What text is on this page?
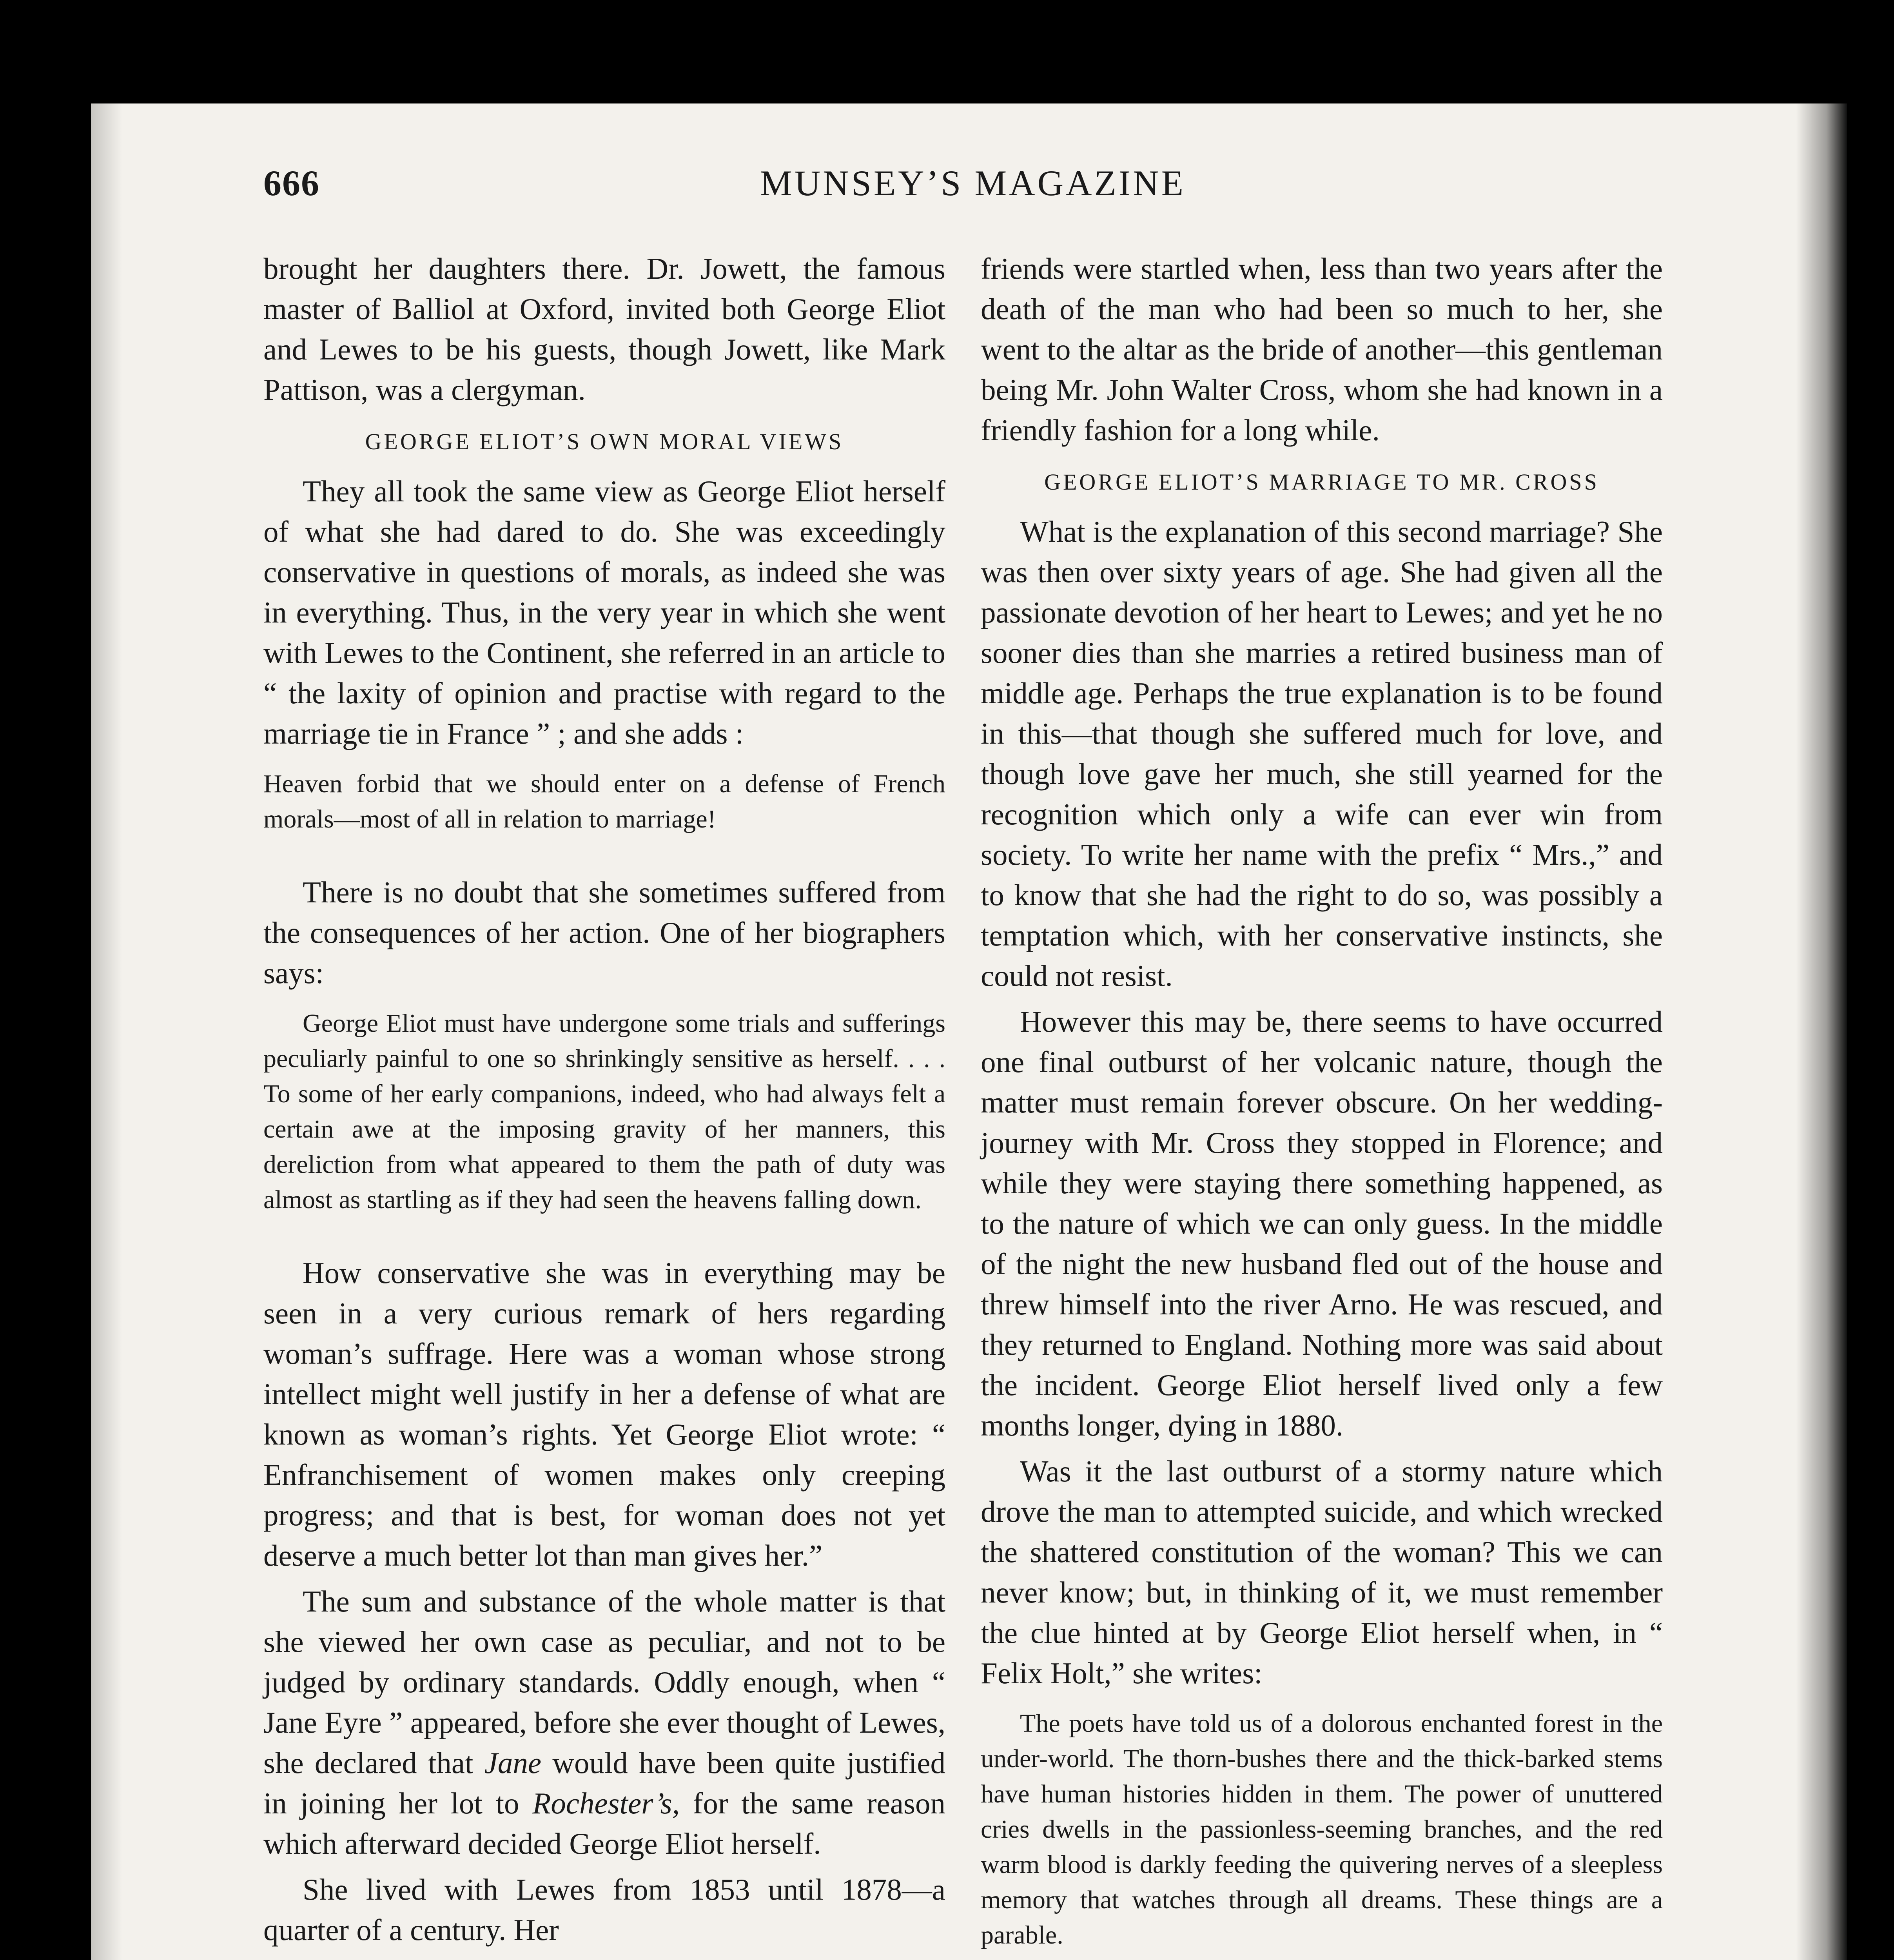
666	MUNSEY’S MAGAZINE

brought her daughters there. Dr. Jowett, the famous master of Balliol at Oxford, invited both George Eliot and Lewes to be his guests, though Jowett, like Mark Pattison, was a clergyman.

GEORGE ELIOT’S OWN MORAL VIEWS

They all took the same view as George Eliot herself of what she had dared to do. She was exceedingly conservative in questions of morals, as indeed she was in everything. Thus, in the very year in which she went with Lewes to the Continent, she referred in an article to “ the laxity of opinion and practise with regard to the marriage tie in France ” ; and she adds :

Heaven forbid that we should enter on a defense of French morals—most of all in relation to marriage!

There is no doubt that she sometimes suffered from the consequences of her action. One of her biographers says:

George Eliot must have undergone some trials and sufferings peculiarly painful to one so shrinkingly sensitive as herself. . . . To some of her early companions, indeed, who had always felt a certain awe at the imposing gravity of her manners, this dereliction from what appeared to them the path of duty was almost as startling as if they had seen the heavens falling down.

How conservative she was in everything may be seen in a very curious remark of hers regarding woman’s suffrage. Here was a woman whose strong intellect might well justify in her a defense of what are known as woman’s rights. Yet George Eliot wrote: “ Enfranchisement of women makes only creeping progress; and that is best, for woman does not yet deserve a much better lot than man gives her.”

The sum and substance of the whole matter is that she viewed her own case as peculiar, and not to be judged by ordinary standards. Oddly enough, when “ Jane Eyre ” appeared, before she ever thought of Lewes, she declared that Jane would have been quite justified in joining her lot to Rochester’s, for the same reason which afterward decided George Eliot herself.

She lived with Lewes from 1853 until 1878—a quarter of a century. Her

friends were startled when, less than two years after the death of the man who had been so much to her, she went to the altar as the bride of another—this gentleman being Mr. John Walter Cross, whom she had known in a friendly fashion for a long while.

GEORGE ELIOT’S MARRIAGE TO MR. CROSS

What is the explanation of this second marriage? She was then over sixty years of age. She had given all the passionate devotion of her heart to Lewes; and yet he no sooner dies than she marries a retired business man of middle age. Perhaps the true explanation is to be found in this—that though she suffered much for love, and though love gave her much, she still yearned for the recognition which only a wife can ever win from society. To write her name with the prefix “ Mrs.,” and to know that she had the right to do so, was possibly a temptation which, with her conservative instincts, she could not resist.

However this may be, there seems to have occurred one final outburst of her volcanic nature, though the matter must remain forever obscure. On her wedding-journey with Mr. Cross they stopped in Florence; and while they were staying there something happened, as to the nature of which we can only guess. In the middle of the night the new husband fled out of the house and threw himself into the river Arno. He was rescued, and they returned to England. Nothing more was said about the incident. George Eliot herself lived only a few months longer, dying in 1880.

Was it the last outburst of a stormy nature which drove the man to attempted suicide, and which wrecked the shattered constitution of the woman? This we can never know; but, in thinking of it, we must remember the clue hinted at by George Eliot herself when, in “ Felix Holt,” she writes:

The poets have told us of a dolorous enchanted forest in the under-world. The thorn-bushes there and the thick-barked stems have human histories hidden in them. The power of unuttered cries dwells in the passionless-seeming branches, and the red warm blood is darkly feeding the quivering nerves of a sleepless memory that watches through all dreams. These things are a parable.
